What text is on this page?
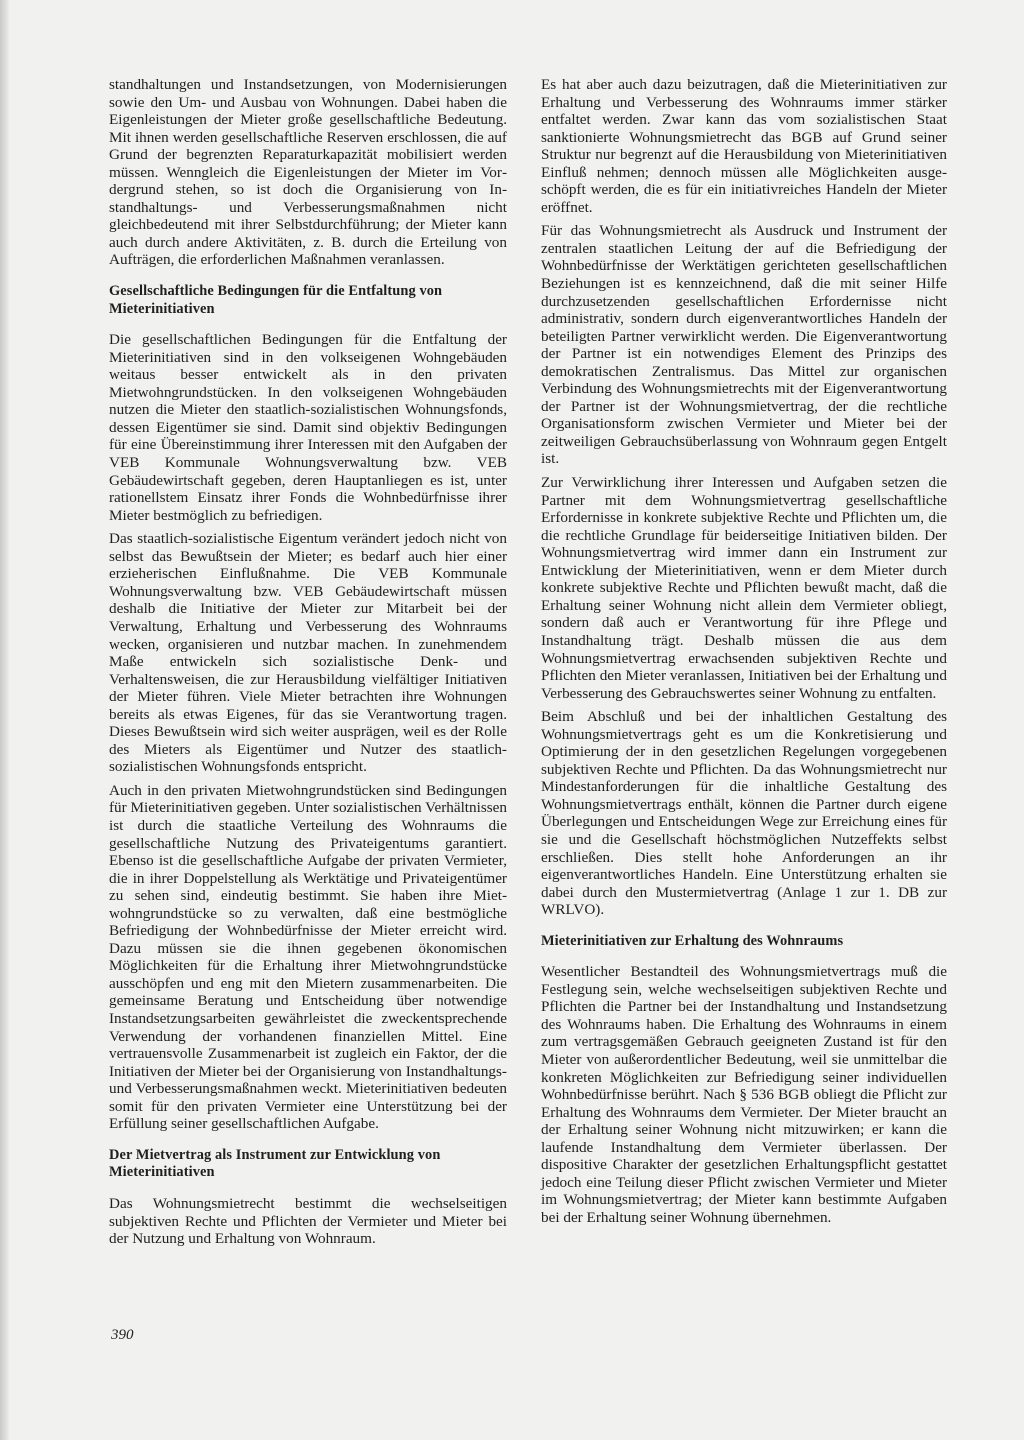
standhaltungen und Instandsetzungen, von Modernisierungen sowie den Um- und Ausbau von Wohnungen. Dabei haben die Eigenleistungen der Mieter große gesellschaftliche Bedeutung. Mit ihnen werden gesellschaftliche Reserven erschlossen, die auf Grund der begrenzten Reparaturkapazität mobilisiert werden müssen. Wenngleich die Eigenleistungen der Mieter im Vordergrund stehen, so ist doch die Organisierung von Instandhaltungs- und Verbesserungsmaßnahmen nicht gleichbedeutend mit ihrer Selbstdurchführung; der Mieter kann auch durch andere Aktivitäten, z. B. durch die Erteilung von Aufträgen, die erforderlichen Maßnahmen veranlassen.

Gesellschaftliche Bedingungen für die Entfaltung von Mieterinitiativen

Die gesellschaftlichen Bedingungen für die Entfaltung der Mieterinitiativen sind in den volkseigenen Wohngebäuden weitaus besser entwickelt als in den privaten Mietwohngrundstücken. In den volkseigenen Wohngebäuden nutzen die Mieter den staatlich-sozialistischen Wohnungsfonds, dessen Eigentümer sie sind. Damit sind objektiv Bedingungen für eine Übereinstimmung ihrer Interessen mit den Aufgaben der VEB Kommunale Wohnungsverwaltung bzw. VEB Gebäudewirtschaft gegeben, deren Hauptanliegen es ist, unter rationellstem Einsatz ihrer Fonds die Wohnbedürfnisse ihrer Mieter bestmöglich zu befriedigen.

Das staatlich-sozialistische Eigentum verändert jedoch nicht von selbst das Bewußtsein der Mieter; es bedarf auch hier einer erzieherischen Einflußnahme. Die VEB Kommunale Wohnungsverwaltung bzw. VEB Gebäudewirtschaft müssen deshalb die Initiative der Mieter zur Mitarbeit bei der Verwaltung, Erhaltung und Verbesserung des Wohnraums wecken, organisieren und nutzbar machen. In zunehmendem Maße entwickeln sich sozialistische Denk- und Verhaltensweisen, die zur Herausbildung vielfältiger Initiativen der Mieter führen. Viele Mieter betrachten ihre Wohnungen bereits als etwas Eigenes, für das sie Verantwortung tragen. Dieses Bewußtsein wird sich weiter ausprägen, weil es der Rolle des Mieters als Eigentümer und Nutzer des staatlich-sozialistischen Wohnungsfonds entspricht.

Auch in den privaten Mietwohngrundstücken sind Bedingungen für Mieterinitiativen gegeben. Unter sozialistischen Verhältnissen ist durch die staatliche Verteilung des Wohnraums die gesellschaftliche Nutzung des Privateigentums garantiert. Ebenso ist die gesellschaftliche Aufgabe der privaten Vermieter, die in ihrer Doppelstellung als Werktätige und Privateigentümer zu sehen sind, eindeutig bestimmt. Sie haben ihre Mietwohngrundstücke so zu verwalten, daß eine bestmögliche Befriedigung der Wohnbedürfnisse der Mieter erreicht wird. Dazu müssen sie die ihnen gegebenen ökonomischen Möglichkeiten für die Erhaltung ihrer Mietwohngrundstücke ausschöpfen und eng mit den Mietern zusammenarbeiten. Die gemeinsame Beratung und Entscheidung über notwendige Instandsetzungsarbeiten gewährleistet die zweckentsprechende Verwendung der vorhandenen finanziellen Mittel. Eine vertrauensvolle Zusammenarbeit ist zugleich ein Faktor, der die Initiativen der Mieter bei der Organisierung von Instandhaltungs- und Verbesserungsmaßnahmen weckt. Mieterinitiativen bedeuten somit für den privaten Vermieter eine Unterstützung bei der Erfüllung seiner gesellschaftlichen Aufgabe.

Der Mietvertrag als Instrument zur Entwicklung von Mieterinitiativen

Das Wohnungsmietrecht bestimmt die wechselseitigen subjektiven Rechte und Pflichten der Vermieter und Mieter bei der Nutzung und Erhaltung von Wohnraum.

Es hat aber auch dazu beizutragen, daß die Mieterinitiativen zur Erhaltung und Verbesserung des Wohnraums immer stärker entfaltet werden. Zwar kann das vom sozialistischen Staat sanktionierte Wohnungsmietrecht das BGB auf Grund seiner Struktur nur begrenzt auf die Herausbildung von Mieterinitiativen Einfluß nehmen; dennoch müssen alle Möglichkeiten ausgeschöpft werden, die es für ein initiativreiches Handeln der Mieter eröffnet.

Für das Wohnungsmietrecht als Ausdruck und Instrument der zentralen staatlichen Leitung der auf die Befriedigung der Wohnbedürfnisse der Werktätigen gerichteten gesellschaftlichen Beziehungen ist es kennzeichnend, daß die mit seiner Hilfe durchzusetzenden gesellschaftlichen Erfordernisse nicht administrativ, sondern durch eigenverantwortliches Handeln der beteiligten Partner verwirklicht werden. Die Eigenverantwortung der Partner ist ein notwendiges Element des Prinzips des demokratischen Zentralismus. Das Mittel zur organischen Verbindung des Wohnungsmietrechts mit der Eigenverantwortung der Partner ist der Wohnungsmietvertrag, der die rechtliche Organisationsform zwischen Vermieter und Mieter bei der zeitweiligen Gebrauchsüberlassung von Wohnraum gegen Entgelt ist.

Zur Verwirklichung ihrer Interessen und Aufgaben setzen die Partner mit dem Wohnungsmietvertrag gesellschaftliche Erfordernisse in konkrete subjektive Rechte und Pflichten um, die die rechtliche Grundlage für beiderseitige Initiativen bilden. Der Wohnungsmietvertrag wird immer dann ein Instrument zur Entwicklung der Mieterinitiativen, wenn er dem Mieter durch konkrete subjektive Rechte und Pflichten bewußt macht, daß die Erhaltung seiner Wohnung nicht allein dem Vermieter obliegt, sondern daß auch er Verantwortung für ihre Pflege und Instandhaltung trägt. Deshalb müssen die aus dem Wohnungsmietvertrag erwachsenden subjektiven Rechte und Pflichten den Mieter veranlassen, Initiativen bei der Erhaltung und Verbesserung des Gebrauchswertes seiner Wohnung zu entfalten.

Beim Abschluß und bei der inhaltlichen Gestaltung des Wohnungsmietvertrags geht es um die Konkretisierung und Optimierung der in den gesetzlichen Regelungen vorgegebenen subjektiven Rechte und Pflichten. Da das Wohnungsmietrecht nur Mindestanforderungen für die inhaltliche Gestaltung des Wohnungsmietvertrags enthält, können die Partner durch eigene Überlegungen und Entscheidungen Wege zur Erreichung eines für sie und die Gesellschaft höchstmöglichen Nutzeffekts selbst erschließen. Dies stellt hohe Anforderungen an ihr eigenverantwortliches Handeln. Eine Unterstützung erhalten sie dabei durch den Mustermietvertrag (Anlage 1 zur 1. DB zur WRLVO).

Mieterinitiativen zur Erhaltung des Wohnraums

Wesentlicher Bestandteil des Wohnungsmietvertrags muß die Festlegung sein, welche wechselseitigen subjektiven Rechte und Pflichten die Partner bei der Instandhaltung und Instandsetzung des Wohnraums haben. Die Erhaltung des Wohnraums in einem zum vertragsgemäßen Gebrauch geeigneten Zustand ist für den Mieter von außerordentlicher Bedeutung, weil sie unmittelbar die konkreten Möglichkeiten zur Befriedigung seiner individuellen Wohnbedürfnisse berührt. Nach § 536 BGB obliegt die Pflicht zur Erhaltung des Wohnraums dem Vermieter. Der Mieter braucht an der Erhaltung seiner Wohnung nicht mitzuwirken; er kann die laufende Instandhaltung dem Vermieter überlassen. Der dispositive Charakter der gesetzlichen Erhaltungspflicht gestattet jedoch eine Teilung dieser Pflicht zwischen Vermieter und Mieter im Wohnungsmietvertrag; der Mieter kann bestimmte Aufgaben bei der Erhaltung seiner Wohnung übernehmen.

390
